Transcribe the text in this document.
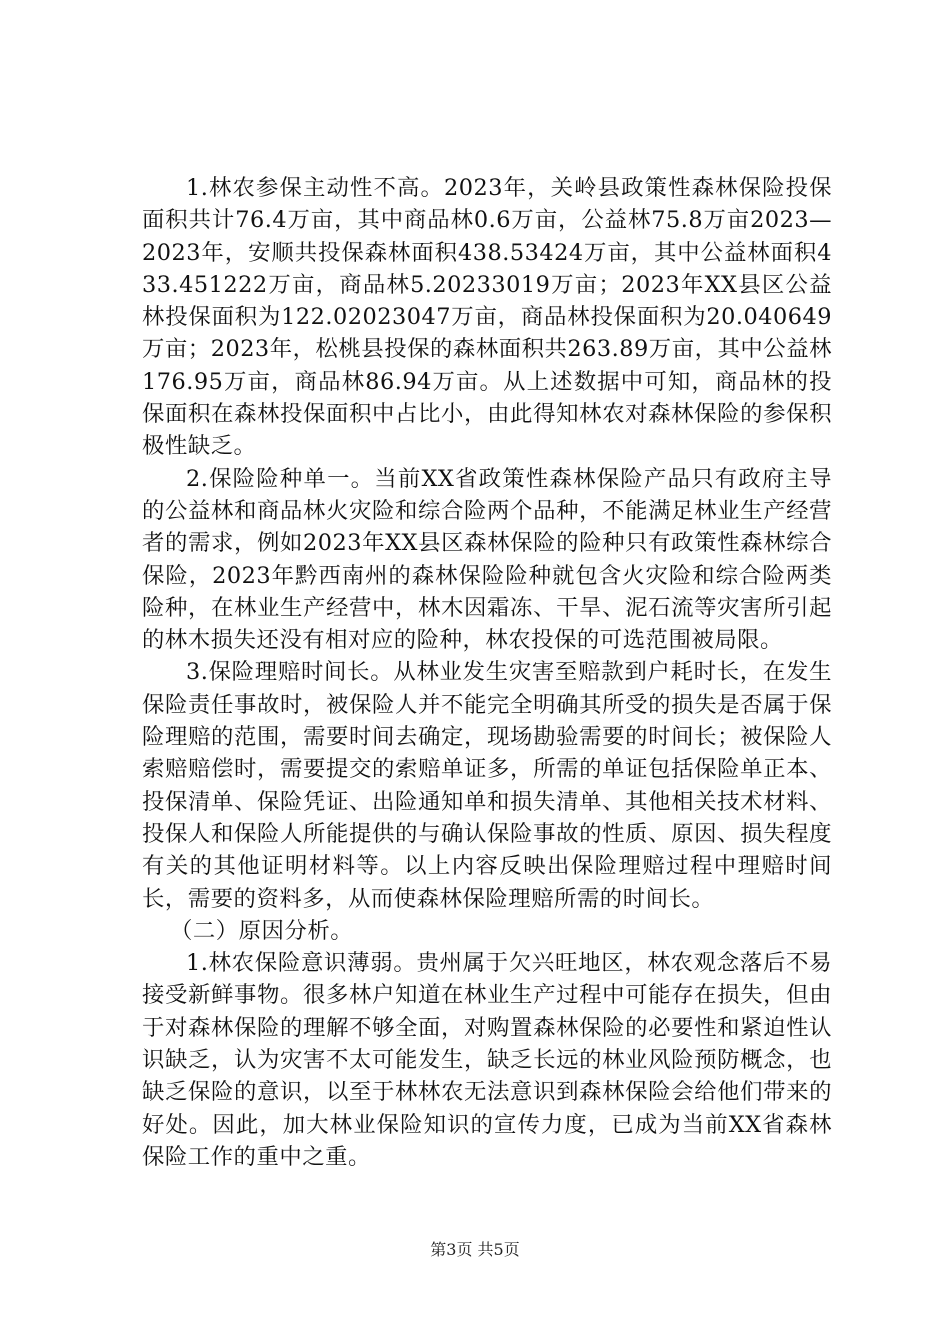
1.林农参保主动性不高。2023年，关岭县政策性森林保险投保面积共计76.4万亩，其中商品林0.6万亩，公益林75.8万亩2023—2023年，安顺共投保森林面积438.53424万亩，其中公益林面积433.451222万亩，商品林5.20233019万亩；2023年XX县区公益林投保面积为122.02023047万亩，商品林投保面积为20.040649万亩；2023年，松桃县投保的森林面积共263.89万亩，其中公益林176.95万亩，商品林86.94万亩。从上述数据中可知，商品林的投保面积在森林投保面积中占比小，由此得知林农对森林保险的参保积极性缺乏。

2.保险险种单一。当前XX省政策性森林保险产品只有政府主导的公益林和商品林火灾险和综合险两个品种，不能满足林业生产经营者的需求，例如2023年XX县区森林保险的险种只有政策性森林综合保险，2023年黔西南州的森林保险险种就包含火灾险和综合险两类险种，在林业生产经营中，林木因霜冻、干旱、泥石流等灾害所引起的林木损失还没有相对应的险种，林农投保的可选范围被局限。

3.保险理赔时间长。从林业发生灾害至赔款到户耗时长，在发生保险责任事故时，被保险人并不能完全明确其所受的损失是否属于保险理赔的范围，需要时间去确定，现场勘验需要的时间长；被保险人索赔赔偿时，需要提交的索赔单证多，所需的单证包括保险单正本、投保清单、保险凭证、出险通知单和损失清单、其他相关技术材料、投保人和保险人所能提供的与确认保险事故的性质、原因、损失程度有关的其他证明材料等。以上内容反映出保险理赔过程中理赔时间长，需要的资料多，从而使森林保险理赔所需的时间长。

（二）原因分析。

1.林农保险意识薄弱。贵州属于欠兴旺地区，林农观念落后不易接受新鲜事物。很多林户知道在林业生产过程中可能存在损失，但由于对森林保险的理解不够全面，对购置森林保险的必要性和紧迫性认识缺乏，认为灾害不太可能发生，缺乏长远的林业风险预防概念，也缺乏保险的意识，以至于林林农无法意识到森林保险会给他们带来的好处。因此，加大林业保险知识的宣传力度，已成为当前XX省森林保险工作的重中之重。

第3页 共5页
